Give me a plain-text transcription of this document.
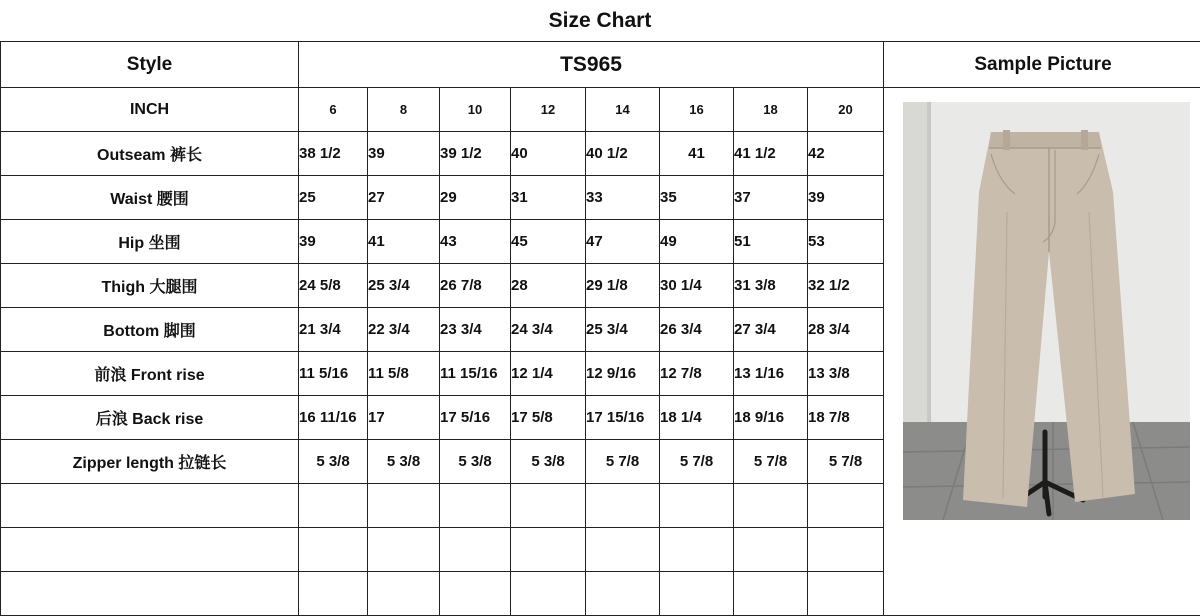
Size Chart
Style	TS965								Sample Picture
INCH	6	8	10	12	14	16	18	20	

Outseam 裤长	38 1/2	39	39 1/2	40	40 1/2	41	41 1/2	42	
Waist 腰围	25	27	29	31	33	35	37	39	
Hip 坐围	39	41	43	45	47	49	51	53	
Thigh 大腿围	24 5/8	25 3/4	26 7/8	28	29 1/8	30 1/4	31 3/8	32 1/2	
Bottom 脚围	21 3/4	22 3/4	23 3/4	24 3/4	25 3/4	26 3/4	27 3/4	28 3/4	
前浪 Front rise	11 5/16	11 5/8	11 15/16	12 1/4	12 9/16	12 7/8	13 1/16	13 3/8	
后浪 Back rise	16 11/16	17	17 5/16	17 5/8	17 15/16	18 1/4	18 9/16	18 7/8	
Zipper length 拉链长	5 3/8	5 3/8	5 3/8	5 3/8	5 7/8	5 7/8	5 7/8	5 7/8	
